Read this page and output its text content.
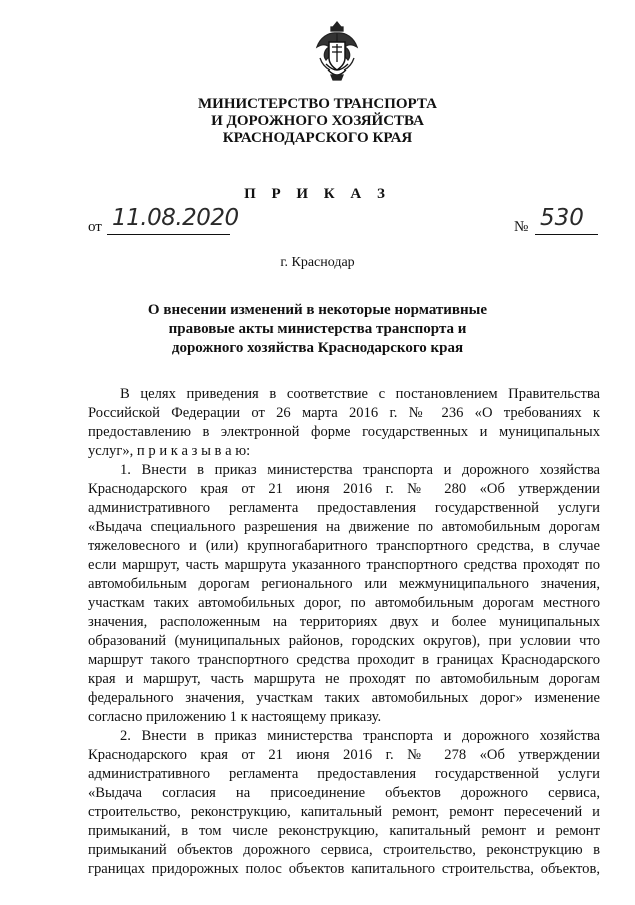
МИНИСТЕРСТВО ТРАНСПОРТА
И ДОРОЖНОГО ХОЗЯЙСТВА
КРАСНОДАРСКОГО КРАЯ
П Р И К А З
от 11.08.2020	№ 530
г. Краснодар
О внесении изменений в некоторые нормативные
правовые акты министерства транспорта и
дорожного хозяйства Краснодарского края
В целях приведения в соответствие с постановлением Правительства
Российской Федерации от 26 марта 2016 г. № 236 «О требованиях к
предоставлению в электронной форме государственных и муниципальных
услуг», п р и к а з ы в а ю:
1. Внести в приказ министерства транспорта и дорожного хозяйства
Краснодарского края от 21 июня 2016 г. № 280 «Об утверждении
административного регламента предоставления государственной услуги
«Выдача специального разрешения на движение по автомобильным дорогам
тяжеловесного и (или) крупногабаритного транспортного средства, в случае
если маршрут, часть маршрута указанного транспортного средства проходят по
автомобильным дорогам регионального или межмуниципального значения,
участкам таких автомобильных дорог, по автомобильным дорогам местного
значения, расположенным на территориях двух и более муниципальных
образований (муниципальных районов, городских округов), при условии что
маршрут такого транспортного средства проходит в границах Краснодарского
края и маршрут, часть маршрута не проходят по автомобильным дорогам
федерального значения, участкам таких автомобильных дорог» изменение
согласно приложению 1 к настоящему приказу.
2. Внести в приказ министерства транспорта и дорожного хозяйства
Краснодарского края от 21 июня 2016 г. № 278 «Об утверждении
административного регламента предоставления государственной услуги
«Выдача согласия на присоединение объектов дорожного сервиса,
строительство, реконструкцию, капитальный ремонт, ремонт пересечений и
примыканий, в том числе реконструкцию, капитальный ремонт и ремонт
примыканий объектов дорожного сервиса, строительство, реконструкцию в
границах придорожных полос объектов капитального строительства, объектов,
